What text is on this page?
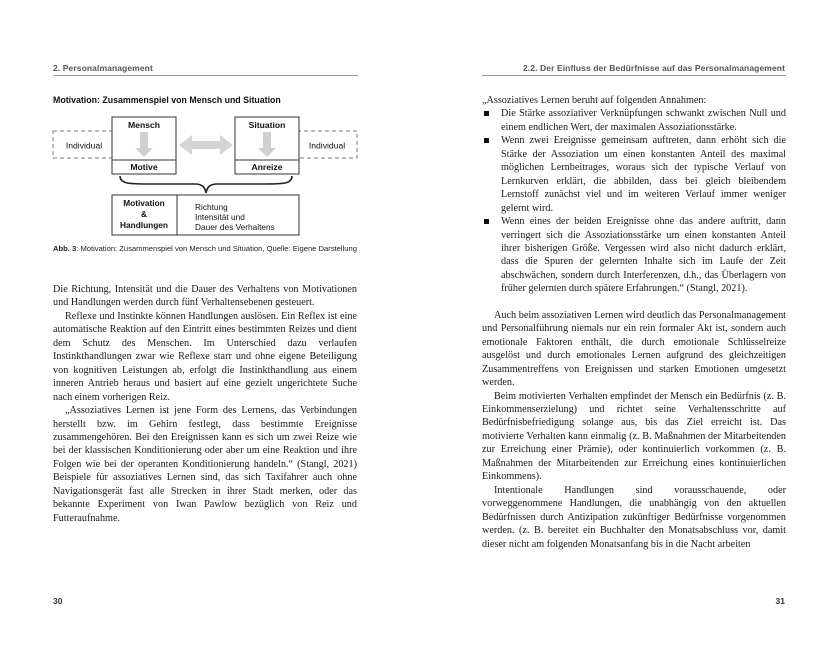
2. Personalmanagement
Motivation: Zusammenspiel von Mensch und Situation
Individual	Individual
Mensch
Motive
Situation
Anreize
Motivation
&
Handlungen
Richtung
Intensität und
Dauer des Verhaltens
Abb. 3: Motivation: Zusammenspiel von Mensch und Situation, Quelle: Eigene Darstellung

Die Richtung, Intensität und die Dauer des Verhaltens von Motivationen und Handlungen werden durch fünf Verhaltensebenen gesteuert.

Reflexe und Instinkte können Handlungen auslösen. Ein Reflex ist eine automatische Reaktion auf den Eintritt eines bestimmten Reizes und dient dem Schutz des Menschen. Im Unterschied dazu verlaufen Instinkthandlungen zwar wie Reflexe starr und ohne eigene Beteiligung von kognitiven Leistungen ab, erfolgt die Instinkthandlung aus einem inneren Antrieb heraus und basiert auf eine gezielt ungerichtete Suche nach einem vorherigen Reiz.

„Assoziatives Lernen ist jene Form des Lernens, das Verbindungen herstellt bzw. im Gehirn festlegt, dass bestimmte Ereignisse zusammengehören. Bei den Ereignissen kann es sich um zwei Reize wie bei der klassischen Konditionierung oder aber um eine Reaktion und ihre Folgen wie bei der operanten Konditionierung handeln.“ (Stangl, 2021) Beispiele für assoziatives Lernen sind, das sich Taxifahrer auch ohne Navigationsgerät fast alle Strecken in ihrer Stadt merken, oder das bekannte Experiment von Iwan Pawlow bezüglich von Reiz und Futteraufnahme.

30
2.2. Der Einfluss der Bedürfnisse auf das Personalmanagement

„Assoziatives Lernen beruht auf folgenden Annahmen:

Die Stärke assoziativer Verknüpfungen schwankt zwischen Null und einem endlichen Wert, der maximalen Assoziationsstärke.
Wenn zwei Ereignisse gemeinsam auftreten, dann erhöht sich die Stärke der Assoziation um einen konstanten Anteil des maximal möglichen Lernbeitrages, woraus sich der typische Verlauf von Lernkurven erklärt, die abbilden, dass bei gleich bleibendem Lernstoff zunächst viel und im weiteren Verlauf immer weniger gelernt wird.
Wenn eines der beiden Ereignisse ohne das andere auftritt, dann verringert sich die Assoziationsstärke um einen konstanten Anteil ihrer bisherigen Größe. Vergessen wird also nicht dadurch erklärt, dass die Spuren der gelernten Inhalte sich im Laufe der Zeit abschwächen, sondern durch Interferenzen, d.h., das Überlagern von früher gelernten durch spätere Erfahrungen.“ (Stangl, 2021).

Auch beim assoziativen Lernen wird deutlich das Personalmanagement und Personalführung niemals nur ein rein formaler Akt ist, sondern auch emotionale Faktoren enthält, die durch emotionale Schlüsselreize ausgelöst und durch emotionales Lernen aufgrund des gleichzeitigen Zusammentreffens von Ereignissen und starken Emotionen umgesetzt werden.

Beim motivierten Verhalten empfindet der Mensch ein Bedürfnis (z. B. Einkommenserzielung) und richtet seine Verhaltensschritte auf Bedürfnisbefriedigung solange aus, bis das Ziel erreicht ist. Das motivierte Verhalten kann einmalig (z. B. Maßnahmen der Mitarbeitenden zur Erreichung einer Prämie), oder kontinuierlich vorkommen (z. B. Maßnahmen der Mitarbeitenden zur Erreichung eines kontinuierlichen Einkommens).

Intentionale Handlungen sind vorausschauende, oder vorweggenommene Handlungen, die unabhängig von den aktuellen Bedürfnissen durch Antizipation zukünftiger Bedürfnisse vorgenommen werden. (z. B. bereitet ein Buchhalter den Monatsabschluss vor, damit dieser nicht am folgenden Monatsanfang bis in die Nacht arbeiten

31
